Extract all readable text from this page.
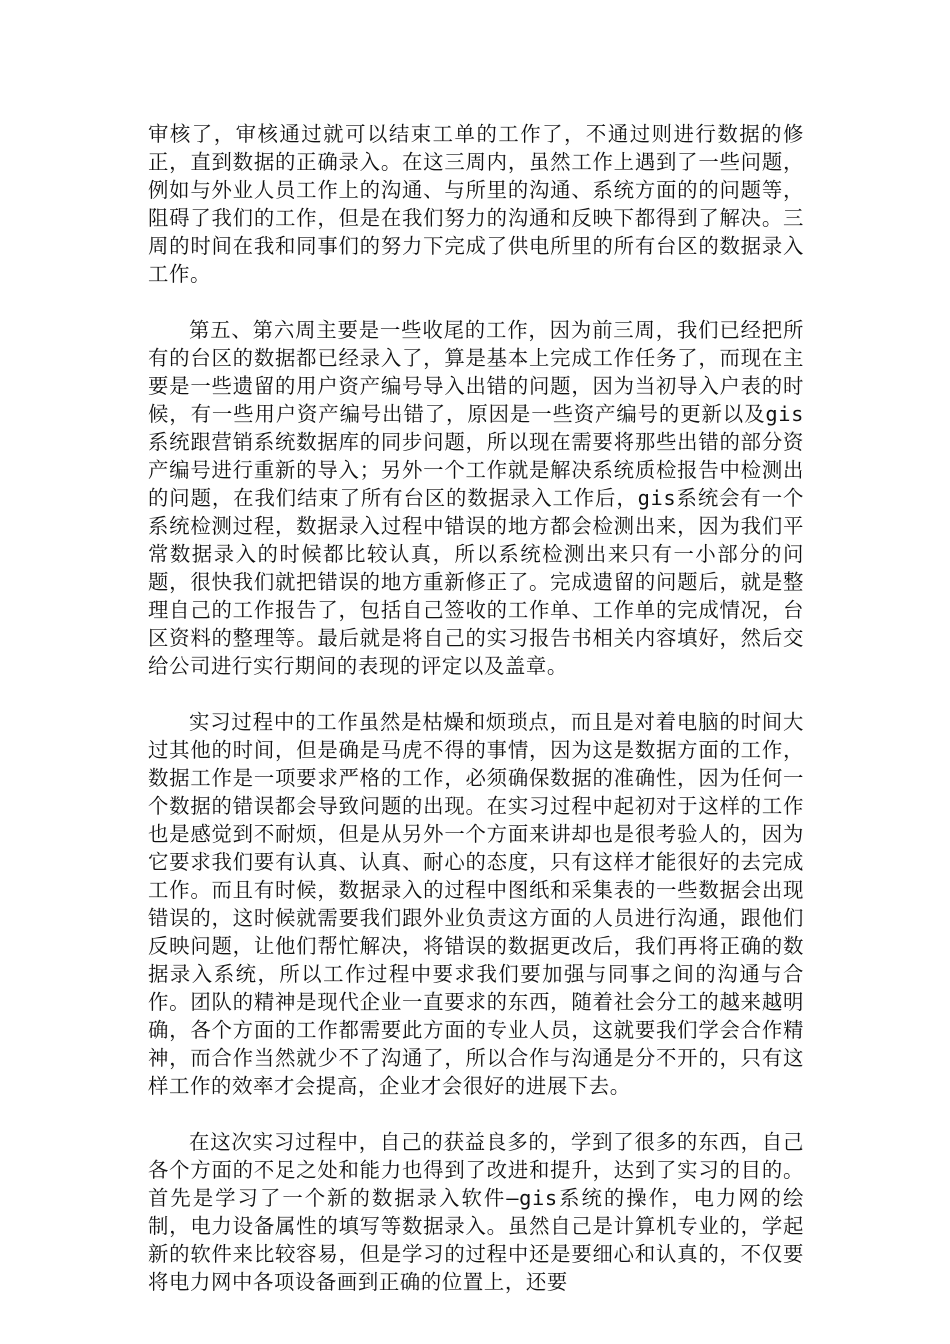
审核了，审核通过就可以结束工单的工作了，不通过则进行数据的修正，直到数据的正确录入。在这三周内，虽然工作上遇到了一些问题，例如与外业人员工作上的沟通、与所里的沟通、系统方面的的问题等，阻碍了我们的工作，但是在我们努力的沟通和反映下都得到了解决。三周的时间在我和同事们的努力下完成了供电所里的所有台区的数据录入工作。

第五、第六周主要是一些收尾的工作，因为前三周，我们已经把所有的台区的数据都已经录入了，算是基本上完成工作任务了，而现在主要是一些遗留的用户资产编号导入出错的问题，因为当初导入户表的时候，有一些用户资产编号出错了，原因是一些资产编号的更新以及gis系统跟营销系统数据库的同步问题，所以现在需要将那些出错的部分资产编号进行重新的导入；另外一个工作就是解决系统质检报告中检测出的问题，在我们结束了所有台区的数据录入工作后，gis系统会有一个系统检测过程，数据录入过程中错误的地方都会检测出来，因为我们平常数据录入的时候都比较认真，所以系统检测出来只有一小部分的问题，很快我们就把错误的地方重新修正了。完成遗留的问题后，就是整理自己的工作报告了，包括自己签收的工作单、工作单的完成情况，台区资料的整理等。最后就是将自己的实习报告书相关内容填好，然后交给公司进行实行期间的表现的评定以及盖章。

实习过程中的工作虽然是枯燥和烦琐点，而且是对着电脑的时间大过其他的时间，但是确是马虎不得的事情，因为这是数据方面的工作，数据工作是一项要求严格的工作，必须确保数据的准确性，因为任何一个数据的错误都会导致问题的出现。在实习过程中起初对于这样的工作也是感觉到不耐烦，但是从另外一个方面来讲却也是很考验人的，因为它要求我们要有认真、认真、耐心的态度，只有这样才能很好的去完成工作。而且有时候，数据录入的过程中图纸和采集表的一些数据会出现错误的，这时候就需要我们跟外业负责这方面的人员进行沟通，跟他们反映问题，让他们帮忙解决，将错误的数据更改后，我们再将正确的数据录入系统，所以工作过程中要求我们要加强与同事之间的沟通与合作。团队的精神是现代企业一直要求的东西，随着社会分工的越来越明确，各个方面的工作都需要此方面的专业人员，这就要我们学会合作精神，而合作当然就少不了沟通了，所以合作与沟通是分不开的，只有这样工作的效率才会提高，企业才会很好的进展下去。

在这次实习过程中，自己的获益良多的，学到了很多的东西，自己各个方面的不足之处和能力也得到了改进和提升，达到了实习的目的。首先是学习了一个新的数据录入软件—gis系统的操作，电力网的绘制，电力设备属性的填写等数据录入。虽然自己是计算机专业的，学起新的软件来比较容易，但是学习的过程中还是要细心和认真的，不仅要将电力网中各项设备画到正确的位置上，还要
